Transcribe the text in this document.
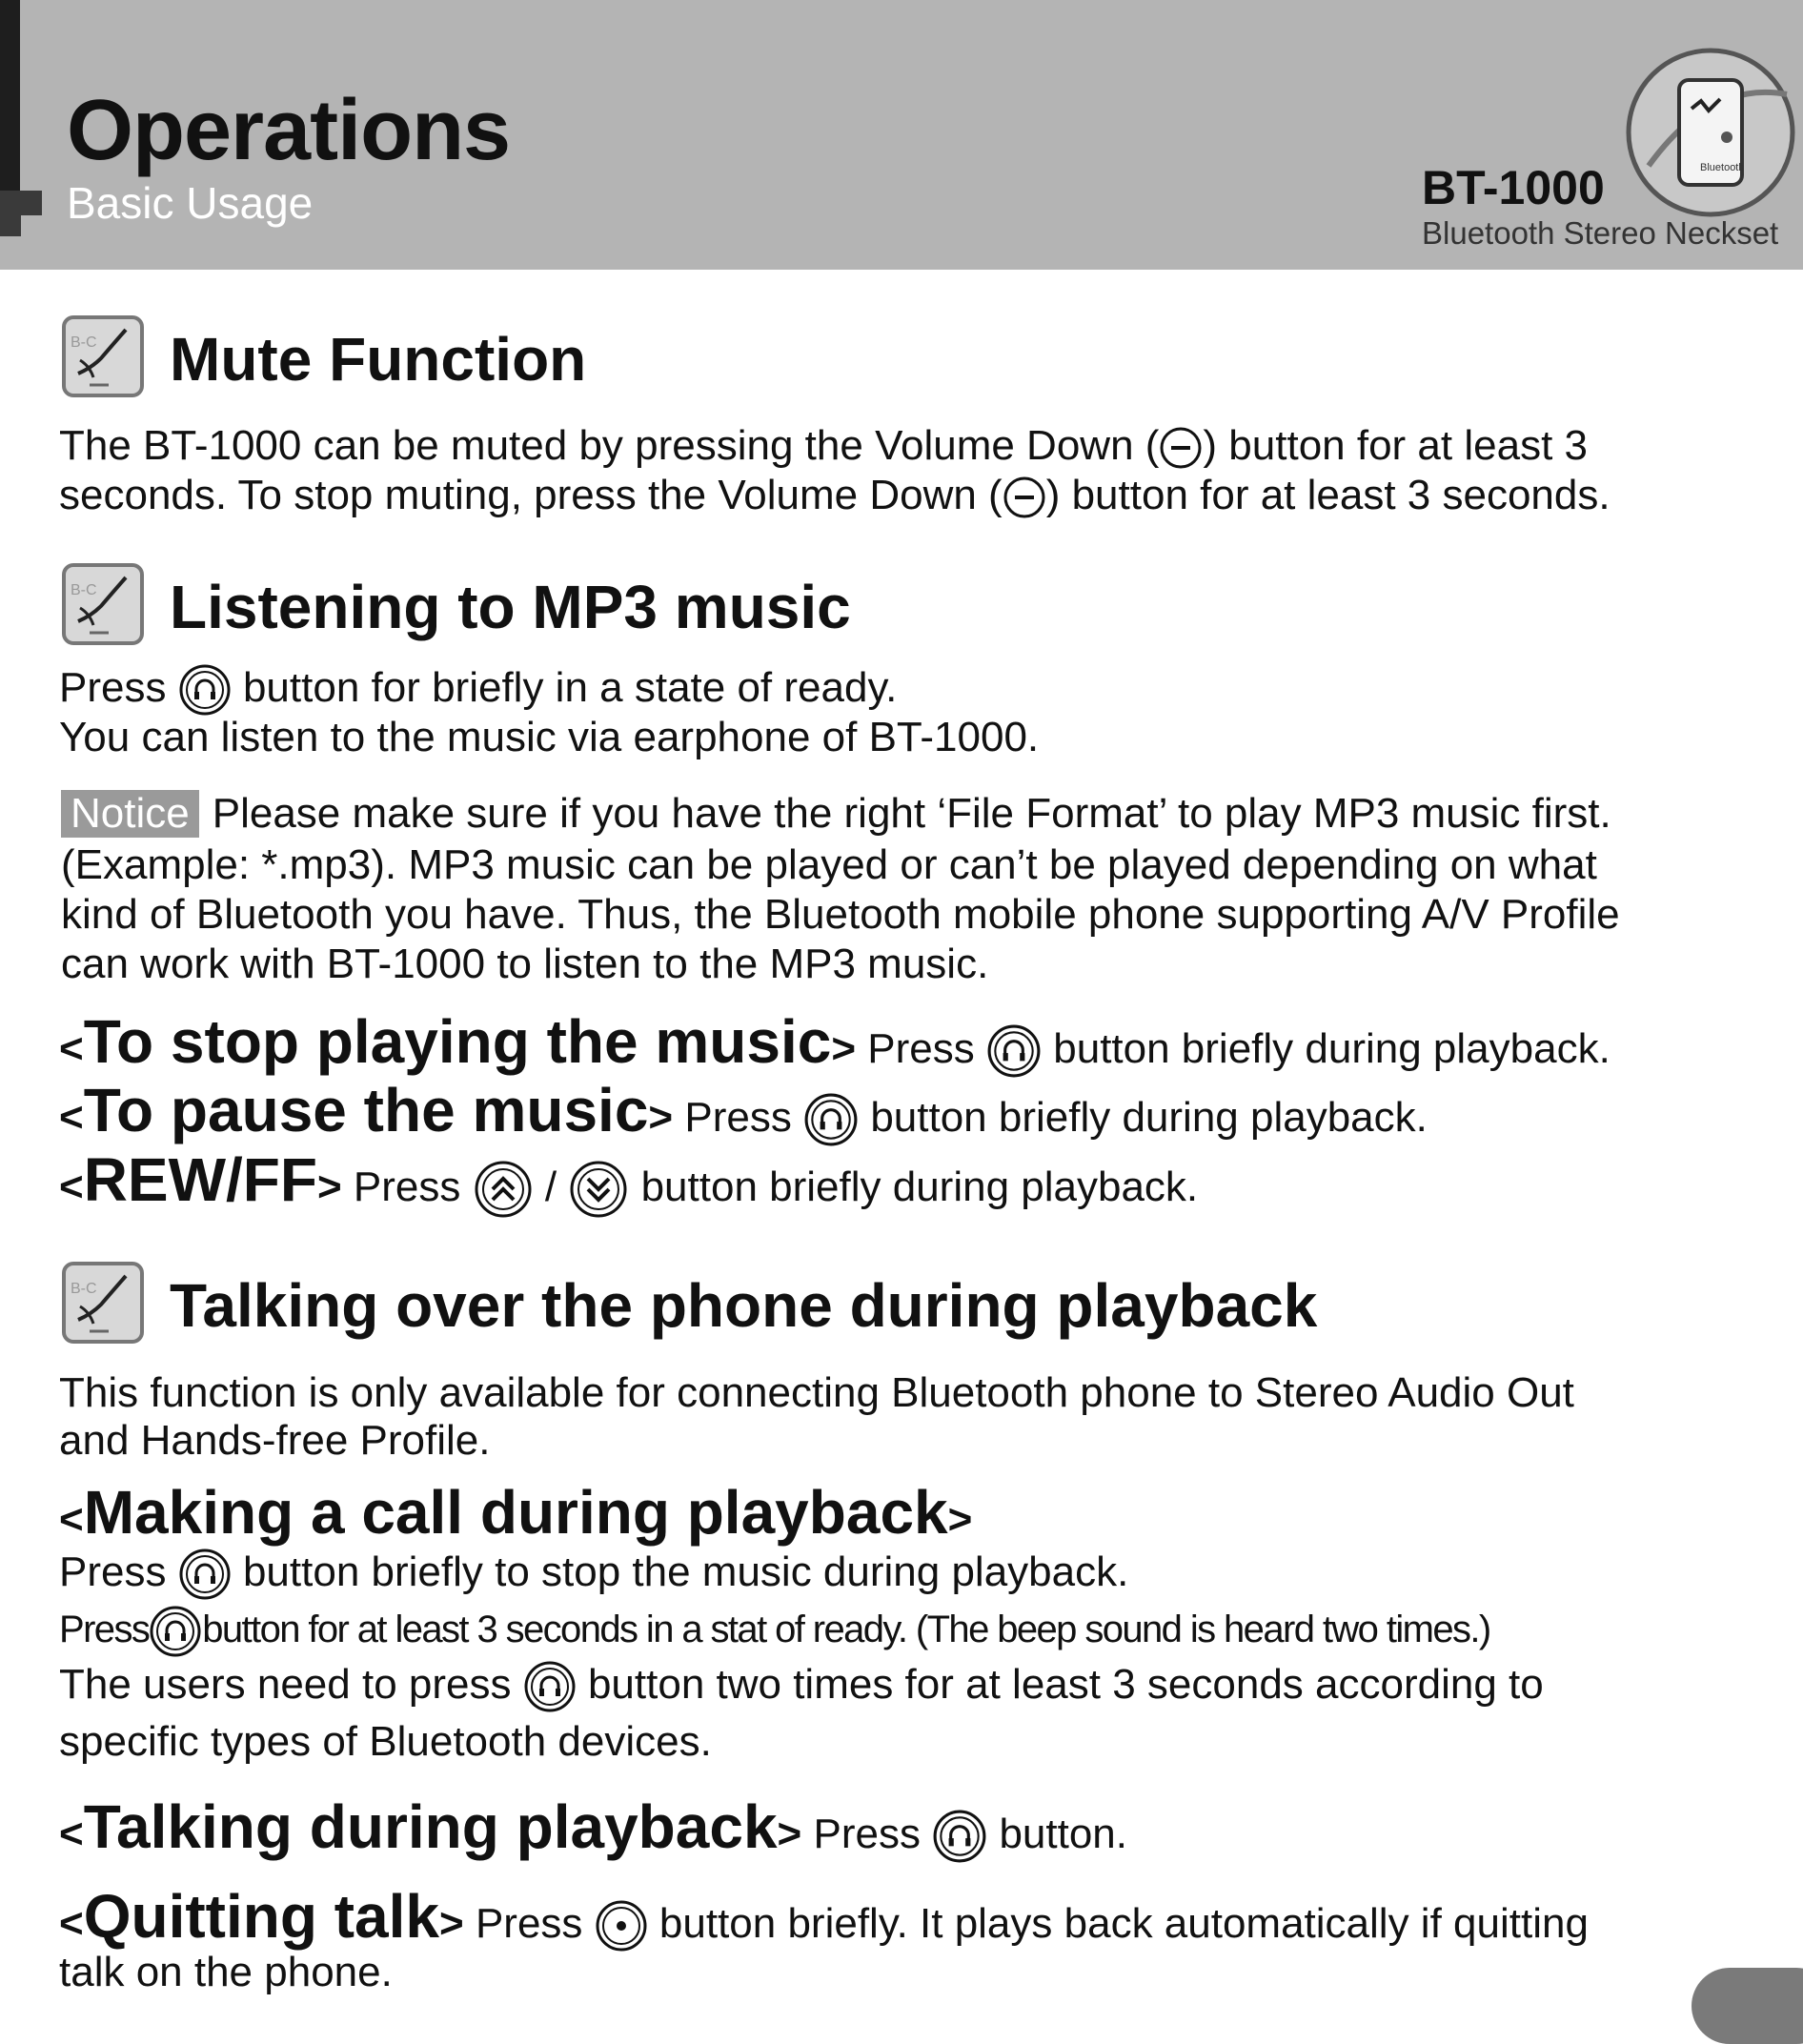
Operations
Basic Usage	BT-1000
Bluetooth Stereo Neckset
Bluetooth
B-C Mute Function
The BT-1000 can be muted by pressing the Volume Down ( ) button for at least 3
seconds. To stop muting, press the Volume Down ( ) button for at least 3 seconds.
B-C Listening to MP3 music
Press button for briefly in a state of ready.
You can listen to the music via earphone of BT-1000.
Notice Please make sure if you have the right ‘File Format’ to play MP3 music first.
(Example: *.mp3). MP3 music can be played or can’t be played depending on what
kind of Bluetooth you have. Thus, the Bluetooth mobile phone supporting A/V Profile
can work with BT-1000 to listen to the MP3 music.
<To stop playing the music> Press button briefly during playback.
<To pause the music> Press button briefly during playback.
<REW/FF> Press / button briefly during playback.
B-C Talking over the phone during playback
This function is only available for connecting Bluetooth phone to Stereo Audio Out
and Hands-free Profile.
<Making a call during playback>
Press button briefly to stop the music during playback.
Press button for at least 3 seconds in a stat of ready. (The beep sound is heard two times.)
The users need to press button two times for at least 3 seconds according to
specific types of Bluetooth devices.
<Talking during playback> Press button.
<Quitting talk> Press button briefly. It plays back automatically if quitting
talk on the phone.
